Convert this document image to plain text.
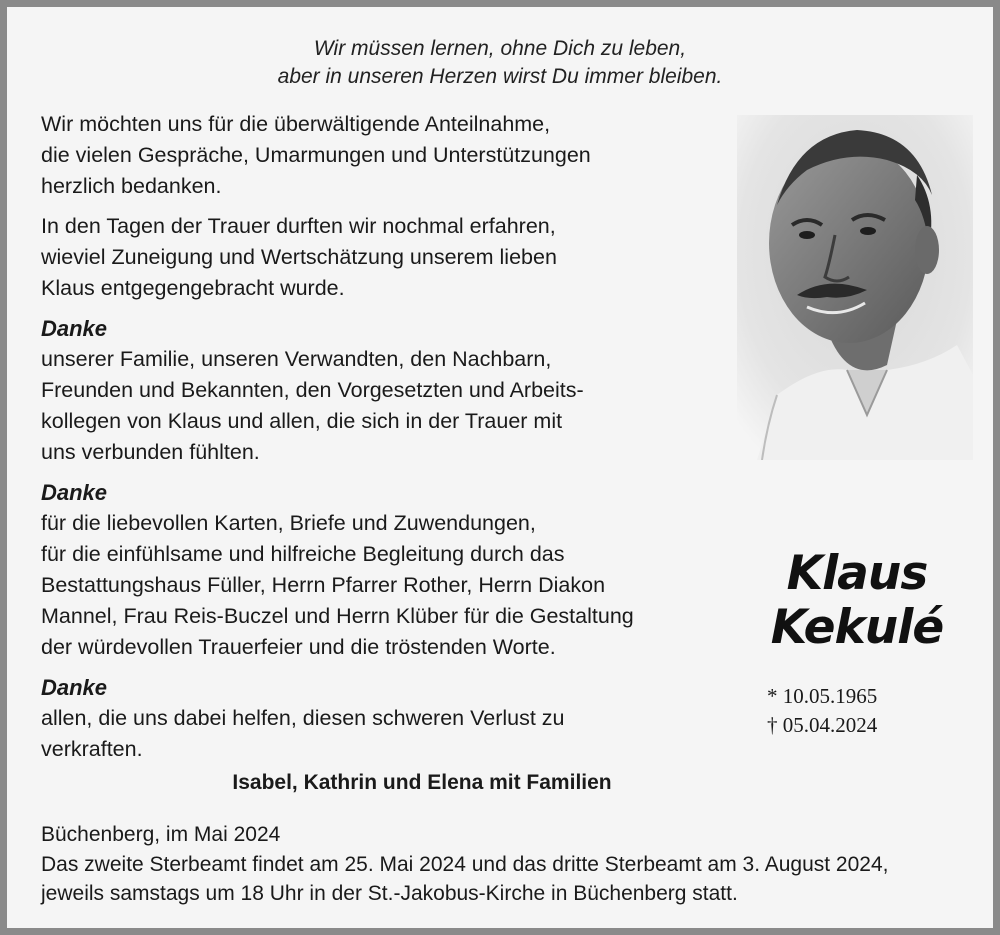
Wir müssen lernen, ohne Dich zu leben,
aber in unseren Herzen wirst Du immer bleiben.
Wir möchten uns für die überwältigende Anteilnahme,
die vielen Gespräche, Umarmungen und Unterstützungen
herzlich bedanken.
In den Tagen der Trauer durften wir nochmal erfahren,
wieviel Zuneigung und Wertschätzung unserem lieben
Klaus entgegengebracht wurde.
Danke
unserer Familie, unseren Verwandten, den Nachbarn,
Freunden und Bekannten, den Vorgesetzten und Arbeits-
kollegen von Klaus und allen, die sich in der Trauer mit
uns verbunden fühlten.
Danke
für die liebevollen Karten, Briefe und Zuwendungen,
für die einfühlsame und hilfreiche Begleitung durch das
Bestattungshaus Füller, Herrn Pfarrer Rother, Herrn Diakon
Mannel, Frau Reis-Buczel und Herrn Klüber für die Gestaltung
der würdevollen Trauerfeier und die tröstenden Worte.
Danke
allen, die uns dabei helfen, diesen schweren Verlust zu
verkraften.
Isabel, Kathrin und Elena mit Familien
Büchenberg, im Mai 2024
Das zweite Sterbeamt findet am 25. Mai 2024 und das dritte Sterbeamt am 3. August 2024,
jeweils samstags um 18 Uhr in der St.-Jakobus-Kirche in Büchenberg statt.
Klaus
Kekulé
* 10.05.1965
† 05.04.2024
